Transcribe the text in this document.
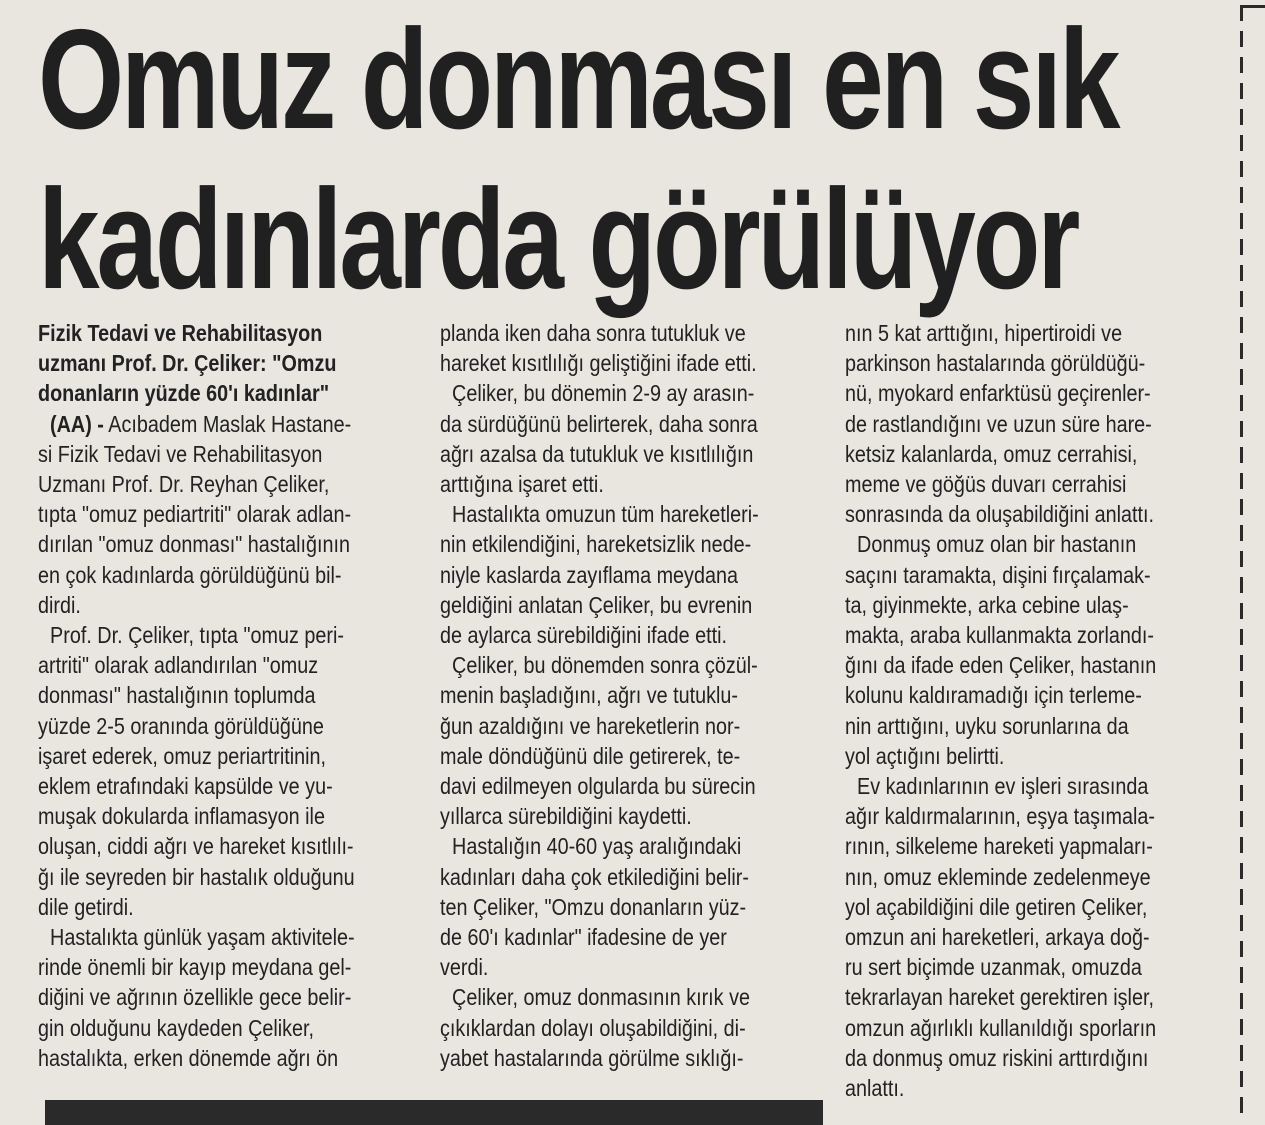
Omuz donması en sık
kadınlarda görülüyor

Fizik Tedavi ve Rehabilitasyon

uzmanı Prof. Dr. Çeliker: "Omzu

donanların yüzde 60'ı kadınlar"

(AA) - Acıbadem Maslak Hastane-

si Fizik Tedavi ve Rehabilitasyon

Uzmanı Prof. Dr. Reyhan Çeliker,

tıpta "omuz pediartriti" olarak adlan-

dırılan "omuz donması" hastalığının

en çok kadınlarda görüldüğünü bil-

dirdi.

Prof. Dr. Çeliker, tıpta "omuz peri-

artriti" olarak adlandırılan "omuz

donması" hastalığının toplumda

yüzde 2-5 oranında görüldüğüne

işaret ederek, omuz periartritinin,

eklem etrafındaki kapsülde ve yu-

muşak dokularda inflamasyon ile

oluşan, ciddi ağrı ve hareket kısıtlılı-

ğı ile seyreden bir hastalık olduğunu

dile getirdi.

Hastalıkta günlük yaşam aktivitele-

rinde önemli bir kayıp meydana gel-

diğini ve ağrının özellikle gece belir-

gin olduğunu kaydeden Çeliker,

hastalıkta, erken dönemde ağrı ön

planda iken daha sonra tutukluk ve

hareket kısıtlılığı geliştiğini ifade etti.

Çeliker, bu dönemin 2-9 ay arasın-

da sürdüğünü belirterek, daha sonra

ağrı azalsa da tutukluk ve kısıtlılığın

arttığına işaret etti.

Hastalıkta omuzun tüm hareketleri-

nin etkilendiğini, hareketsizlik nede-

niyle kaslarda zayıflama meydana

geldiğini anlatan Çeliker, bu evrenin

de aylarca sürebildiğini ifade etti.

Çeliker, bu dönemden sonra çözül-

menin başladığını, ağrı ve tutuklu-

ğun azaldığını ve hareketlerin nor-

male döndüğünü dile getirerek, te-

davi edilmeyen olgularda bu sürecin

yıllarca sürebildiğini kaydetti.

Hastalığın 40-60 yaş aralığındaki

kadınları daha çok etkilediğini belir-

ten Çeliker, "Omzu donanların yüz-

de 60'ı kadınlar" ifadesine de yer

verdi.

Çeliker, omuz donmasının kırık ve

çıkıklardan dolayı oluşabildiğini, di-

yabet hastalarında görülme sıklığı-

nın 5 kat arttığını, hipertiroidi ve

parkinson hastalarında görüldüğü-

nü, myokard enfarktüsü geçirenler-

de rastlandığını ve uzun süre hare-

ketsiz kalanlarda, omuz cerrahisi,

meme ve göğüs duvarı cerrahisi

sonrasında da oluşabildiğini anlattı.

Donmuş omuz olan bir hastanın

saçını taramakta, dişini fırçalamak-

ta, giyinmekte, arka cebine ulaş-

makta, araba kullanmakta zorlandı-

ğını da ifade eden Çeliker, hastanın

kolunu kaldıramadığı için terleme-

nin arttığını, uyku sorunlarına da

yol açtığını belirtti.

Ev kadınlarının ev işleri sırasında

ağır kaldırmalarının, eşya taşımala-

rının, silkeleme hareketi yapmaları-

nın, omuz ekleminde zedelenmeye

yol açabildiğini dile getiren Çeliker,

omzun ani hareketleri, arkaya doğ-

ru sert biçimde uzanmak, omuzda

tekrarlayan hareket gerektiren işler,

omzun ağırlıklı kullanıldığı sporların

da donmuş omuz riskini arttırdığını

anlattı.
